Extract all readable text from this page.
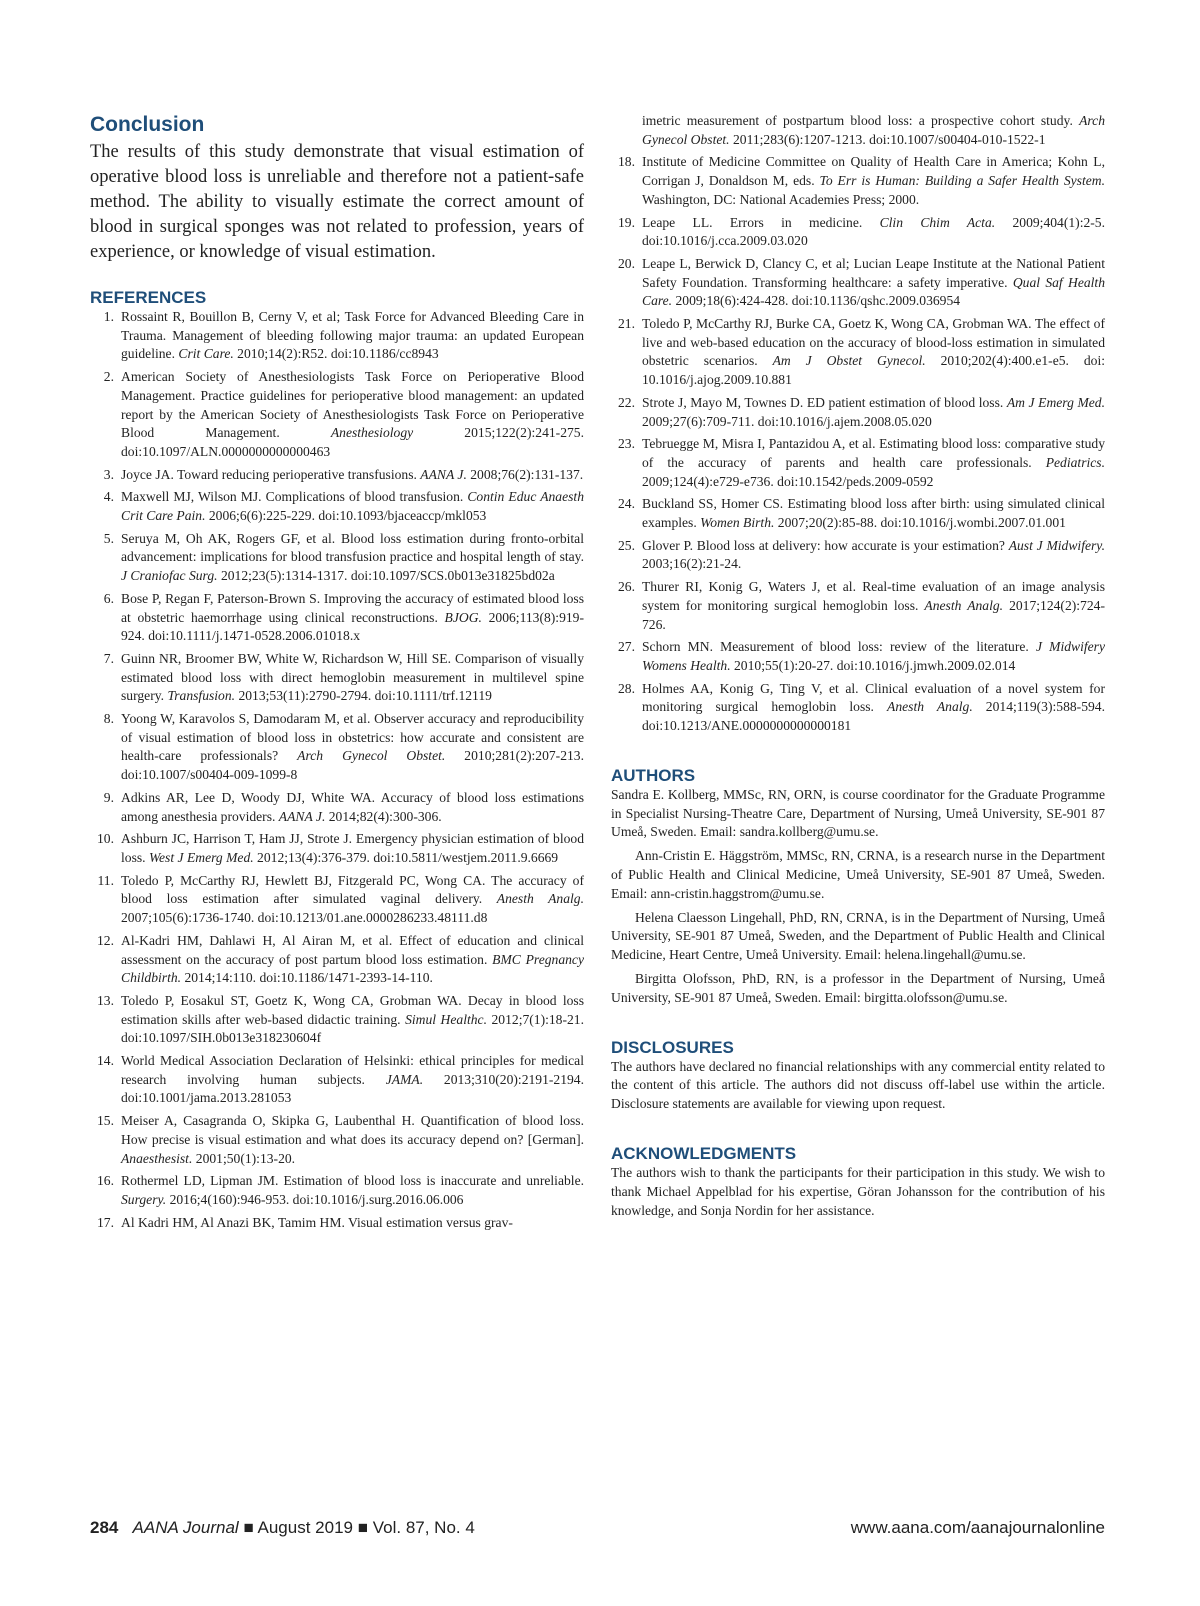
Conclusion

The results of this study demonstrate that visual estimation of operative blood loss is unreliable and therefore not a patient-safe method. The ability to visually estimate the correct amount of blood in surgical sponges was not related to profession, years of experience, or knowledge of visual estimation.

REFERENCES
1. Rossaint R, Bouillon B, Cerny V, et al; Task Force for Advanced Bleeding Care in Trauma. Management of bleeding following major trauma: an updated European guideline. Crit Care. 2010;14(2):R52. doi:10.1186/cc8943
2. American Society of Anesthesiologists Task Force on Perioperative Blood Management. Practice guidelines for perioperative blood management: an updated report by the American Society of Anesthesiologists Task Force on Perioperative Blood Management. Anesthesiology 2015;122(2):241-275. doi:10.1097/ALN.0000000000000463
3. Joyce JA. Toward reducing perioperative transfusions. AANA J. 2008;76(2):131-137.
4. Maxwell MJ, Wilson MJ. Complications of blood transfusion. Contin Educ Anaesth Crit Care Pain. 2006;6(6):225-229. doi:10.1093/bjaceaccp/mkl053
5. Seruya M, Oh AK, Rogers GF, et al. Blood loss estimation during fronto-orbital advancement: implications for blood transfusion practice and hospital length of stay. J Craniofac Surg. 2012;23(5):1314-1317. doi:10.1097/SCS.0b013e31825bd02a
6. Bose P, Regan F, Paterson-Brown S. Improving the accuracy of estimated blood loss at obstetric haemorrhage using clinical reconstructions. BJOG. 2006;113(8):919-924. doi:10.1111/j.1471-0528.2006.01018.x
7. Guinn NR, Broomer BW, White W, Richardson W, Hill SE. Comparison of visually estimated blood loss with direct hemoglobin measurement in multilevel spine surgery. Transfusion. 2013;53(11):2790-2794. doi:10.1111/trf.12119
8. Yoong W, Karavolos S, Damodaram M, et al. Observer accuracy and reproducibility of visual estimation of blood loss in obstetrics: how accurate and consistent are health-care professionals? Arch Gynecol Obstet. 2010;281(2):207-213. doi:10.1007/s00404-009-1099-8
9. Adkins AR, Lee D, Woody DJ, White WA. Accuracy of blood loss estimations among anesthesia providers. AANA J. 2014;82(4):300-306.
10. Ashburn JC, Harrison T, Ham JJ, Strote J. Emergency physician estimation of blood loss. West J Emerg Med. 2012;13(4):376-379. doi:10.5811/westjem.2011.9.6669
11. Toledo P, McCarthy RJ, Hewlett BJ, Fitzgerald PC, Wong CA. The accuracy of blood loss estimation after simulated vaginal delivery. Anesth Analg. 2007;105(6):1736-1740. doi:10.1213/01.ane.0000286233.48111.d8
12. Al-Kadri HM, Dahlawi H, Al Airan M, et al. Effect of education and clinical assessment on the accuracy of post partum blood loss estimation. BMC Pregnancy Childbirth. 2014;14:110. doi:10.1186/1471-2393-14-110.
13. Toledo P, Eosakul ST, Goetz K, Wong CA, Grobman WA. Decay in blood loss estimation skills after web-based didactic training. Simul Healthc. 2012;7(1):18-21. doi:10.1097/SIH.0b013e318230604f
14. World Medical Association Declaration of Helsinki: ethical principles for medical research involving human subjects. JAMA. 2013;310(20):2191-2194. doi:10.1001/jama.2013.281053
15. Meiser A, Casagranda O, Skipka G, Laubenthal H. Quantification of blood loss. How precise is visual estimation and what does its accuracy depend on? [German]. Anaesthesist. 2001;50(1):13-20.
16. Rothermel LD, Lipman JM. Estimation of blood loss is inaccurate and unreliable. Surgery. 2016;4(160):946-953. doi:10.1016/j.surg.2016.06.006
17. Al Kadri HM, Al Anazi BK, Tamim HM. Visual estimation versus grav-
imetric measurement of postpartum blood loss: a prospective cohort study. Arch Gynecol Obstet. 2011;283(6):1207-1213. doi:10.1007/s00404-010-1522-1
18. Institute of Medicine Committee on Quality of Health Care in America; Kohn L, Corrigan J, Donaldson M, eds. To Err is Human: Building a Safer Health System. Washington, DC: National Academies Press; 2000.
19. Leape LL. Errors in medicine. Clin Chim Acta. 2009;404(1):2-5. doi:10.1016/j.cca.2009.03.020
20. Leape L, Berwick D, Clancy C, et al; Lucian Leape Institute at the National Patient Safety Foundation. Transforming healthcare: a safety imperative. Qual Saf Health Care. 2009;18(6):424-428. doi:10.1136/qshc.2009.036954
21. Toledo P, McCarthy RJ, Burke CA, Goetz K, Wong CA, Grobman WA. The effect of live and web-based education on the accuracy of blood-loss estimation in simulated obstetric scenarios. Am J Obstet Gynecol. 2010;202(4):400.e1-e5. doi: 10.1016/j.ajog.2009.10.881
22. Strote J, Mayo M, Townes D. ED patient estimation of blood loss. Am J Emerg Med. 2009;27(6):709-711. doi:10.1016/j.ajem.2008.05.020
23. Tebruegge M, Misra I, Pantazidou A, et al. Estimating blood loss: comparative study of the accuracy of parents and health care professionals. Pediatrics. 2009;124(4):e729-e736. doi:10.1542/peds.2009-0592
24. Buckland SS, Homer CS. Estimating blood loss after birth: using simulated clinical examples. Women Birth. 2007;20(2):85-88. doi:10.1016/j.wombi.2007.01.001
25. Glover P. Blood loss at delivery: how accurate is your estimation? Aust J Midwifery. 2003;16(2):21-24.
26. Thurer RI, Konig G, Waters J, et al. Real-time evaluation of an image analysis system for monitoring surgical hemoglobin loss. Anesth Analg. 2017;124(2):724-726.
27. Schorn MN. Measurement of blood loss: review of the literature. J Midwifery Womens Health. 2010;55(1):20-27. doi:10.1016/j.jmwh.2009.02.014
28. Holmes AA, Konig G, Ting V, et al. Clinical evaluation of a novel system for monitoring surgical hemoglobin loss. Anesth Analg. 2014;119(3):588-594. doi:10.1213/ANE.0000000000000181
AUTHORS

Sandra E. Kollberg, MMSc, RN, ORN, is course coordinator for the Graduate Programme in Specialist Nursing-Theatre Care, Department of Nursing, Umeå University, SE-901 87 Umeå, Sweden. Email: sandra.kollberg@umu.se.

Ann-Cristin E. Häggström, MMSc, RN, CRNA, is a research nurse in the Department of Public Health and Clinical Medicine, Umeå University, SE-901 87 Umeå, Sweden. Email: ann-cristin.haggstrom@umu.se.

Helena Claesson Lingehall, PhD, RN, CRNA, is in the Department of Nursing, Umeå University, SE-901 87 Umeå, Sweden, and the Department of Public Health and Clinical Medicine, Heart Centre, Umeå University. Email: helena.lingehall@umu.se.

Birgitta Olofsson, PhD, RN, is a professor in the Department of Nursing, Umeå University, SE-901 87 Umeå, Sweden. Email: birgitta.olofsson@umu.se.

DISCLOSURES

The authors have declared no financial relationships with any commercial entity related to the content of this article. The authors did not discuss off-label use within the article. Disclosure statements are available for viewing upon request.

ACKNOWLEDGMENTS

The authors wish to thank the participants for their participation in this study. We wish to thank Michael Appelblad for his expertise, Göran Johansson for the contribution of his knowledge, and Sonja Nordin for her assistance.

284 AANA Journal ■ August 2019 ■ Vol. 87, No. 4	www.aana.com/aanajournalonline
